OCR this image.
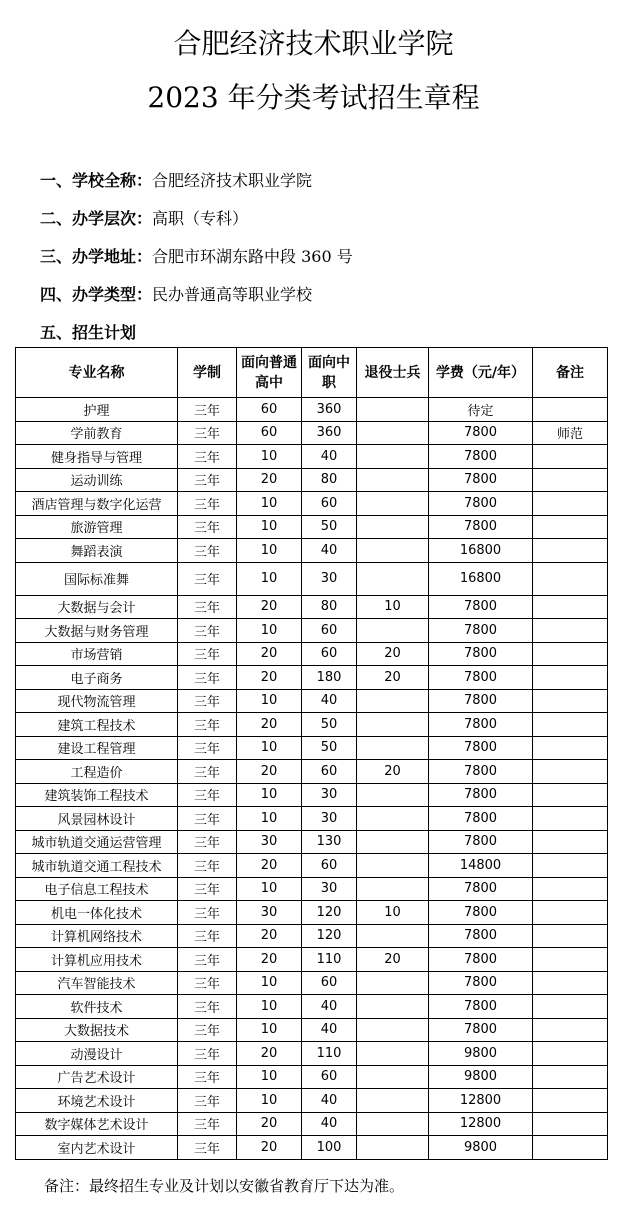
合肥经济技术职业学院
2023 年分类考试招生章程
一、学校全称：合肥经济技术职业学院
二、办学层次：高职（专科）
三、办学地址：合肥市环湖东路中段 360 号
四、办学类型：民办普通高等职业学校
五、招生计划
专业名称	学制	面向普通高中	面向中职	退役士兵	学费（元/年）	备注
护理	三年	60	360		待定	
学前教育	三年	60	360		7800	师范
健身指导与管理	三年	10	40		7800	
运动训练	三年	20	80		7800	
酒店管理与数字化运营	三年	10	60		7800	
旅游管理	三年	10	50		7800	
舞蹈表演	三年	10	40		16800	
国际标准舞	三年	10	30		16800	
大数据与会计	三年	20	80	10	7800	
大数据与财务管理	三年	10	60		7800	
市场营销	三年	20	60	20	7800	
电子商务	三年	20	180	20	7800	
现代物流管理	三年	10	40		7800	
建筑工程技术	三年	20	50		7800	
建设工程管理	三年	10	50		7800	
工程造价	三年	20	60	20	7800	
建筑装饰工程技术	三年	10	30		7800	
风景园林设计	三年	10	30		7800	
城市轨道交通运营管理	三年	30	130		7800	
城市轨道交通工程技术	三年	20	60		14800	
电子信息工程技术	三年	10	30		7800	
机电一体化技术	三年	30	120	10	7800	
计算机网络技术	三年	20	120		7800	
计算机应用技术	三年	20	110	20	7800	
汽车智能技术	三年	10	60		7800	
软件技术	三年	10	40		7800	
大数据技术	三年	10	40		7800	
动漫设计	三年	20	110		9800	
广告艺术设计	三年	10	60		9800	
环境艺术设计	三年	10	40		12800	
数字媒体艺术设计	三年	20	40		12800	
室内艺术设计	三年	20	100		9800	
备注：最终招生专业及计划以安徽省教育厅下达为准。
